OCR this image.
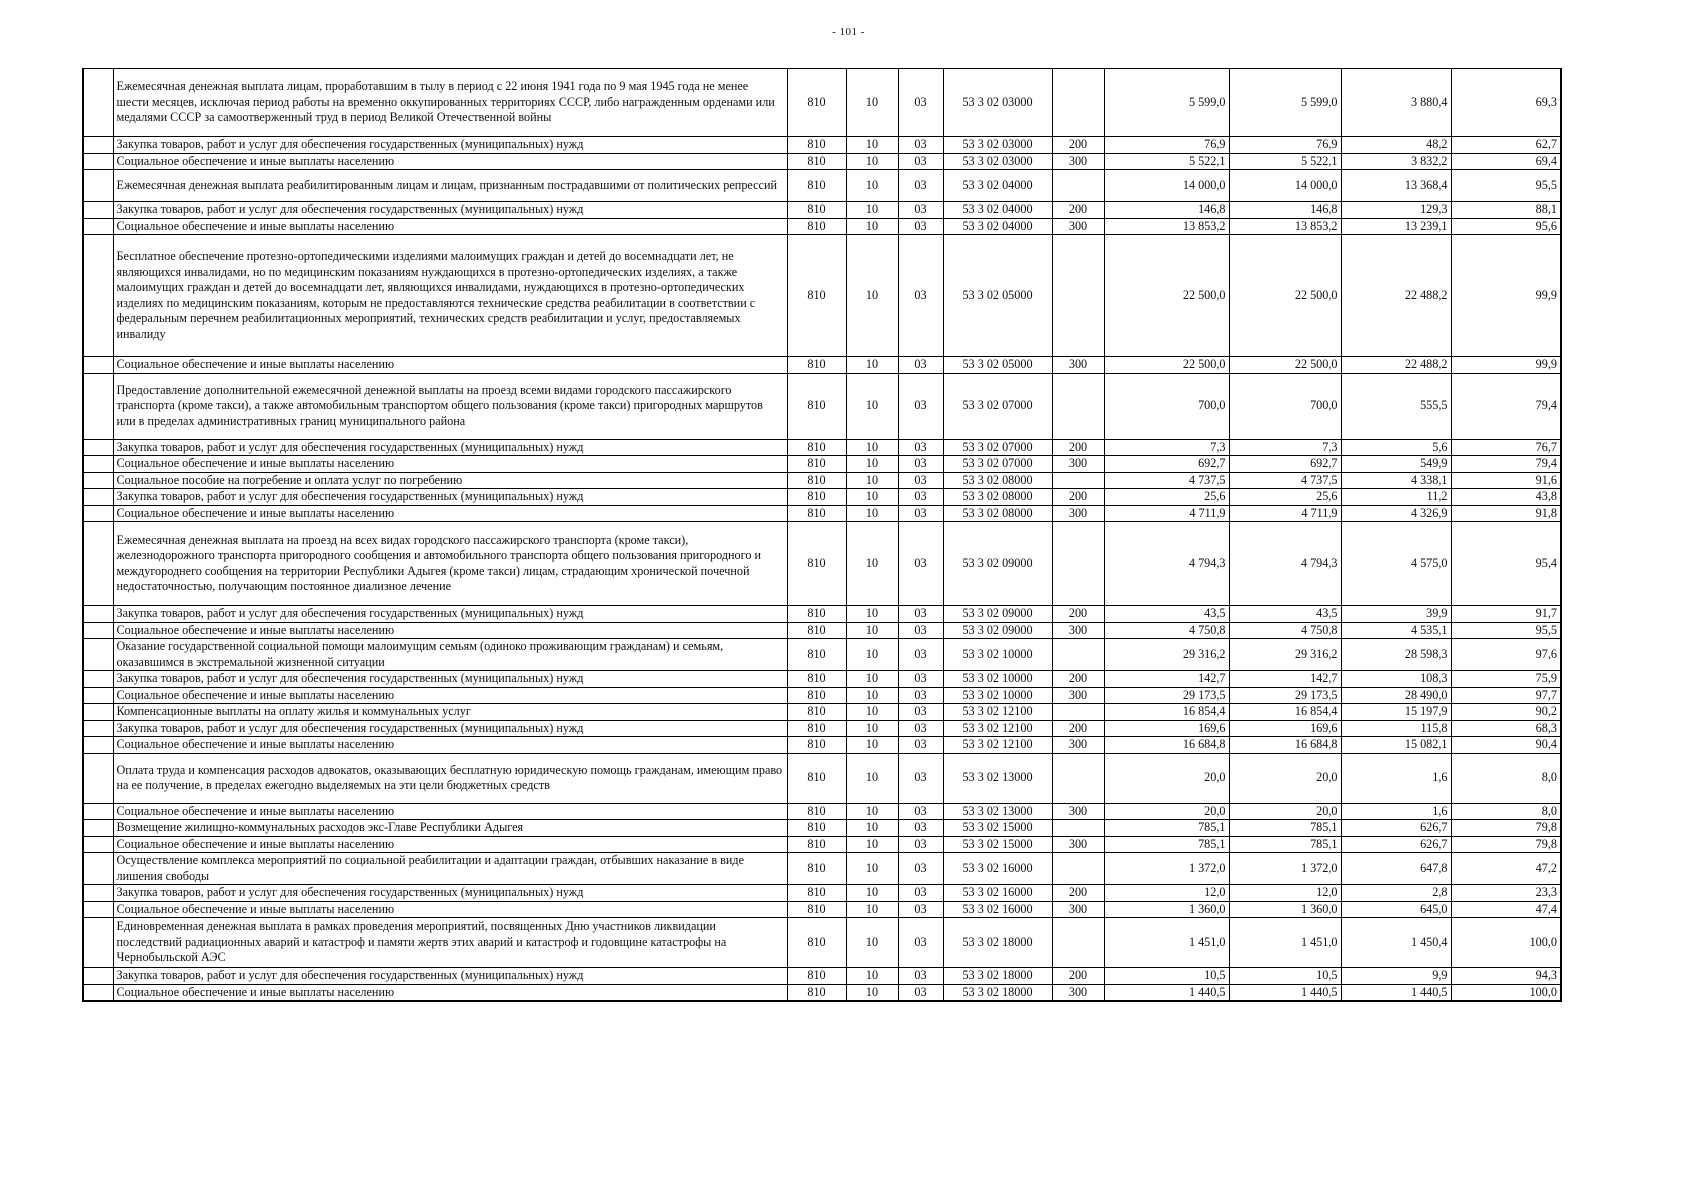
- 101 -
	Ежемесячная денежная выплата лицам, проработавшим в тылу в период с 22 июня 1941 года по 9 мая 1945 года не менее шести месяцев, исключая период работы на временно оккупированных территориях СССР, либо награжденным орденами или медалями СССР за самоотверженный труд в период Великой Отечественной войны	810	10	03	53 3 02 03000		5 599,0	5 599,0	3 880,4	69,3
	Закупка товаров, работ и услуг для обеспечения государственных (муниципальных) нужд	810	10	03	53 3 02 03000	200	76,9	76,9	48,2	62,7
	Социальное обеспечение и иные выплаты населению	810	10	03	53 3 02 03000	300	5 522,1	5 522,1	3 832,2	69,4
	Ежемесячная денежная выплата реабилитированным лицам и лицам, признанным пострадавшими от политических репрессий	810	10	03	53 3 02 04000		14 000,0	14 000,0	13 368,4	95,5
	Закупка товаров, работ и услуг для обеспечения государственных (муниципальных) нужд	810	10	03	53 3 02 04000	200	146,8	146,8	129,3	88,1
	Социальное обеспечение и иные выплаты населению	810	10	03	53 3 02 04000	300	13 853,2	13 853,2	13 239,1	95,6
	Бесплатное обеспечение протезно-ортопедическими изделиями малоимущих граждан и детей до восемнадцати лет, не являющихся инвалидами, но по медицинским показаниям нуждающихся в протезно-ортопедических изделиях, а также малоимущих граждан и детей до восемнадцати лет, являющихся инвалидами, нуждающихся в протезно-ортопедических изделиях по медицинским показаниям, которым не предоставляются технические средства реабилитации в соответствии с федеральным перечнем реабилитационных мероприятий, технических средств реабилитации и услуг, предоставляемых инвалиду	810	10	03	53 3 02 05000		22 500,0	22 500,0	22 488,2	99,9
	Социальное обеспечение и иные выплаты населению	810	10	03	53 3 02 05000	300	22 500,0	22 500,0	22 488,2	99,9
	Предоставление дополнительной ежемесячной денежной выплаты на проезд всеми видами городского пассажирского транспорта (кроме такси), а также автомобильным транспортом общего пользования (кроме такси) пригородных маршрутов или в пределах административных границ муниципального района	810	10	03	53 3 02 07000		700,0	700,0	555,5	79,4
	Закупка товаров, работ и услуг для обеспечения государственных (муниципальных) нужд	810	10	03	53 3 02 07000	200	7,3	7,3	5,6	76,7
	Социальное обеспечение и иные выплаты населению	810	10	03	53 3 02 07000	300	692,7	692,7	549,9	79,4
	Социальное пособие на погребение и оплата услуг по погребению	810	10	03	53 3 02 08000		4 737,5	4 737,5	4 338,1	91,6
	Закупка товаров, работ и услуг для обеспечения государственных (муниципальных) нужд	810	10	03	53 3 02 08000	200	25,6	25,6	11,2	43,8
	Социальное обеспечение и иные выплаты населению	810	10	03	53 3 02 08000	300	4 711,9	4 711,9	4 326,9	91,8
	Ежемесячная денежная выплата на проезд на всех видах городского пассажирского транспорта (кроме такси), железнодорожного транспорта пригородного сообщения и автомобильного транспорта общего пользования пригородного и междугороднего сообщения на территории Республики Адыгея (кроме такси) лицам, страдающим хронической почечной недостаточностью, получающим постоянное диализное лечение	810	10	03	53 3 02 09000		4 794,3	4 794,3	4 575,0	95,4
	Закупка товаров, работ и услуг для обеспечения государственных (муниципальных) нужд	810	10	03	53 3 02 09000	200	43,5	43,5	39,9	91,7
	Социальное обеспечение и иные выплаты населению	810	10	03	53 3 02 09000	300	4 750,8	4 750,8	4 535,1	95,5
	Оказание государственной социальной помощи малоимущим семьям (одиноко проживающим гражданам) и семьям, оказавшимся в экстремальной жизненной ситуации	810	10	03	53 3 02 10000		29 316,2	29 316,2	28 598,3	97,6
	Закупка товаров, работ и услуг для обеспечения государственных (муниципальных) нужд	810	10	03	53 3 02 10000	200	142,7	142,7	108,3	75,9
	Социальное обеспечение и иные выплаты населению	810	10	03	53 3 02 10000	300	29 173,5	29 173,5	28 490,0	97,7
	Компенсационные выплаты на оплату жилья и коммунальных услуг	810	10	03	53 3 02 12100		16 854,4	16 854,4	15 197,9	90,2
	Закупка товаров, работ и услуг для обеспечения государственных (муниципальных) нужд	810	10	03	53 3 02 12100	200	169,6	169,6	115,8	68,3
	Социальное обеспечение и иные выплаты населению	810	10	03	53 3 02 12100	300	16 684,8	16 684,8	15 082,1	90,4
	Оплата труда и компенсация расходов адвокатов, оказывающих бесплатную юридическую помощь гражданам, имеющим право на ее получение, в пределах ежегодно выделяемых на эти цели бюджетных средств	810	10	03	53 3 02 13000		20,0	20,0	1,6	8,0
	Социальное обеспечение и иные выплаты населению	810	10	03	53 3 02 13000	300	20,0	20,0	1,6	8,0
	Возмещение жилищно-коммунальных расходов экс-Главе Республики Адыгея	810	10	03	53 3 02 15000		785,1	785,1	626,7	79,8
	Социальное обеспечение и иные выплаты населению	810	10	03	53 3 02 15000	300	785,1	785,1	626,7	79,8
	Осуществление комплекса мероприятий по социальной реабилитации и адаптации граждан, отбывших наказание в виде лишения свободы	810	10	03	53 3 02 16000		1 372,0	1 372,0	647,8	47,2
	Закупка товаров, работ и услуг для обеспечения государственных (муниципальных) нужд	810	10	03	53 3 02 16000	200	12,0	12,0	2,8	23,3
	Социальное обеспечение и иные выплаты населению	810	10	03	53 3 02 16000	300	1 360,0	1 360,0	645,0	47,4
	Единовременная денежная выплата в рамках проведения мероприятий, посвященных Дню участников ликвидации последствий радиационных аварий и катастроф и памяти жертв этих аварий и катастроф и годовщине катастрофы на Чернобыльской АЭС	810	10	03	53 3 02 18000		1 451,0	1 451,0	1 450,4	100,0
	Закупка товаров, работ и услуг для обеспечения государственных (муниципальных) нужд	810	10	03	53 3 02 18000	200	10,5	10,5	9,9	94,3
	Социальное обеспечение и иные выплаты населению	810	10	03	53 3 02 18000	300	1 440,5	1 440,5	1 440,5	100,0
